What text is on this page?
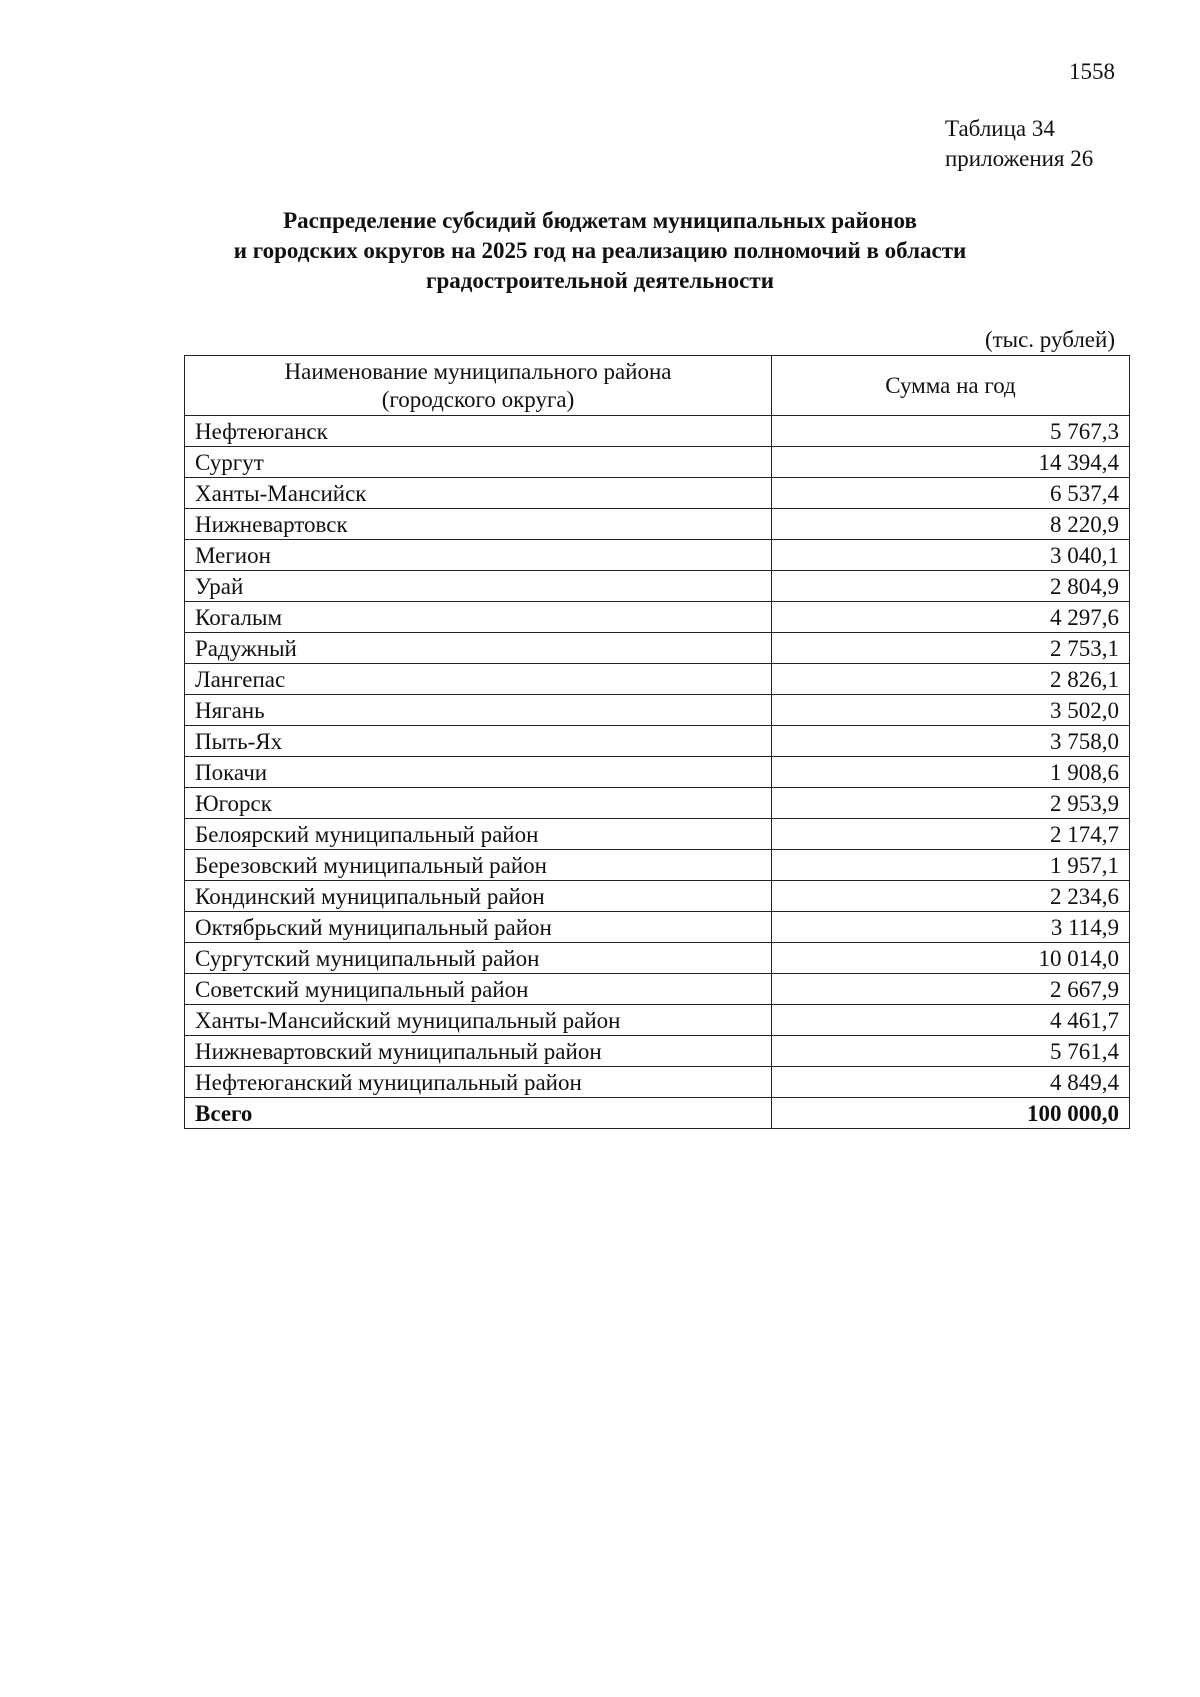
1558
Таблица 34
приложения 26
Распределение субсидий бюджетам муниципальных районов
и городских округов на 2025 год на реализацию полномочий в области
градостроительной деятельности
(тыс. рублей)
Наименование муниципального района
(городского округа)	Сумма на год
Нефтеюганск	5 767,3
Сургут	14 394,4
Ханты-Мансийск	6 537,4
Нижневартовск	8 220,9
Мегион	3 040,1
Урай	2 804,9
Когалым	4 297,6
Радужный	2 753,1
Лангепас	2 826,1
Нягань	3 502,0
Пыть-Ях	3 758,0
Покачи	1 908,6
Югорск	2 953,9
Белоярский муниципальный район	2 174,7
Березовский муниципальный район	1 957,1
Кондинский муниципальный район	2 234,6
Октябрьский муниципальный район	3 114,9
Сургутский муниципальный район	10 014,0
Советский муниципальный район	2 667,9
Ханты-Мансийский муниципальный район	4 461,7
Нижневартовский муниципальный район	5 761,4
Нефтеюганский муниципальный район	4 849,4
Всего	100 000,0
